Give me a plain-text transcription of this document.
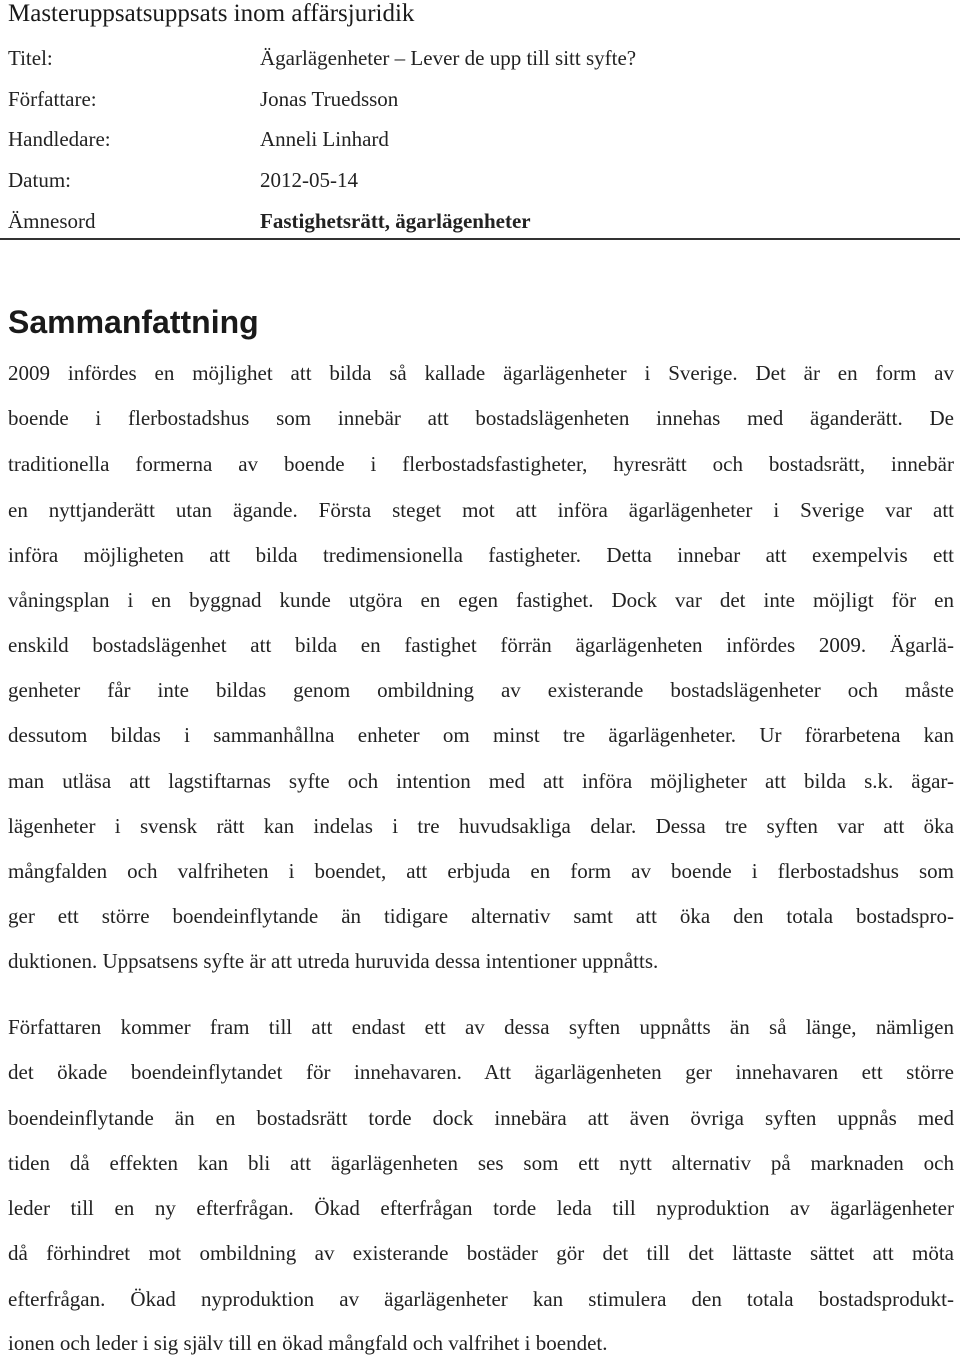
Masteruppsatsuppsats inom affärsjuridik
Titel:	Ägarlägenheter – Lever de upp till sitt syfte?
Författare:	Jonas Truedsson
Handledare:	Anneli Linhard
Datum:	2012-05-14
Ämnesord	Fastighetsrätt, ägarlägenheter
Sammanfattning
2009 infördes en möjlighet att bilda så kallade ägarlägenheter i Sverige. Det är en form av
boende i flerbostadshus som innebär att bostadslägenheten innehas med äganderätt. De
traditionella formerna av boende i flerbostadsfastigheter, hyresrätt och bostadsrätt, innebär
en nyttjanderätt utan ägande. Första steget mot att införa ägarlägenheter i Sverige var att
införa möjligheten att bilda tredimensionella fastigheter. Detta innebar att exempelvis ett
våningsplan i en byggnad kunde utgöra en egen fastighet. Dock var det inte möjligt för en
enskild bostadslägenhet att bilda en fastighet förrän ägarlägenheten infördes 2009. Ägarlä-
genheter får inte bildas genom ombildning av existerande bostadslägenheter och måste
dessutom bildas i sammanhållna enheter om minst tre ägarlägenheter. Ur förarbetena kan
man utläsa att lagstiftarnas syfte och intention med att införa möjligheter att bilda s.k. ägar-
lägenheter i svensk rätt kan indelas i tre huvudsakliga delar. Dessa tre syften var att öka
mångfalden och valfriheten i boendet, att erbjuda en form av boende i flerbostadshus som
ger ett större boendeinflytande än tidigare alternativ samt att öka den totala bostadspro-
duktionen. Uppsatsens syfte är att utreda huruvida dessa intentioner uppnåtts.
Författaren kommer fram till att endast ett av dessa syften uppnåtts än så länge, nämligen
det ökade boendeinflytandet för innehavaren. Att ägarlägenheten ger innehavaren ett större
boendeinflytande än en bostadsrätt torde dock innebära att även övriga syften uppnås med
tiden då effekten kan bli att ägarlägenheten ses som ett nytt alternativ på marknaden och
leder till en ny efterfrågan. Ökad efterfrågan torde leda till nyproduktion av ägarlägenheter
då förhindret mot ombildning av existerande bostäder gör det till det lättaste sättet att möta
efterfrågan. Ökad nyproduktion av ägarlägenheter kan stimulera den totala bostadsprodukt-
ionen och leder i sig själv till en ökad mångfald och valfrihet i boendet.
